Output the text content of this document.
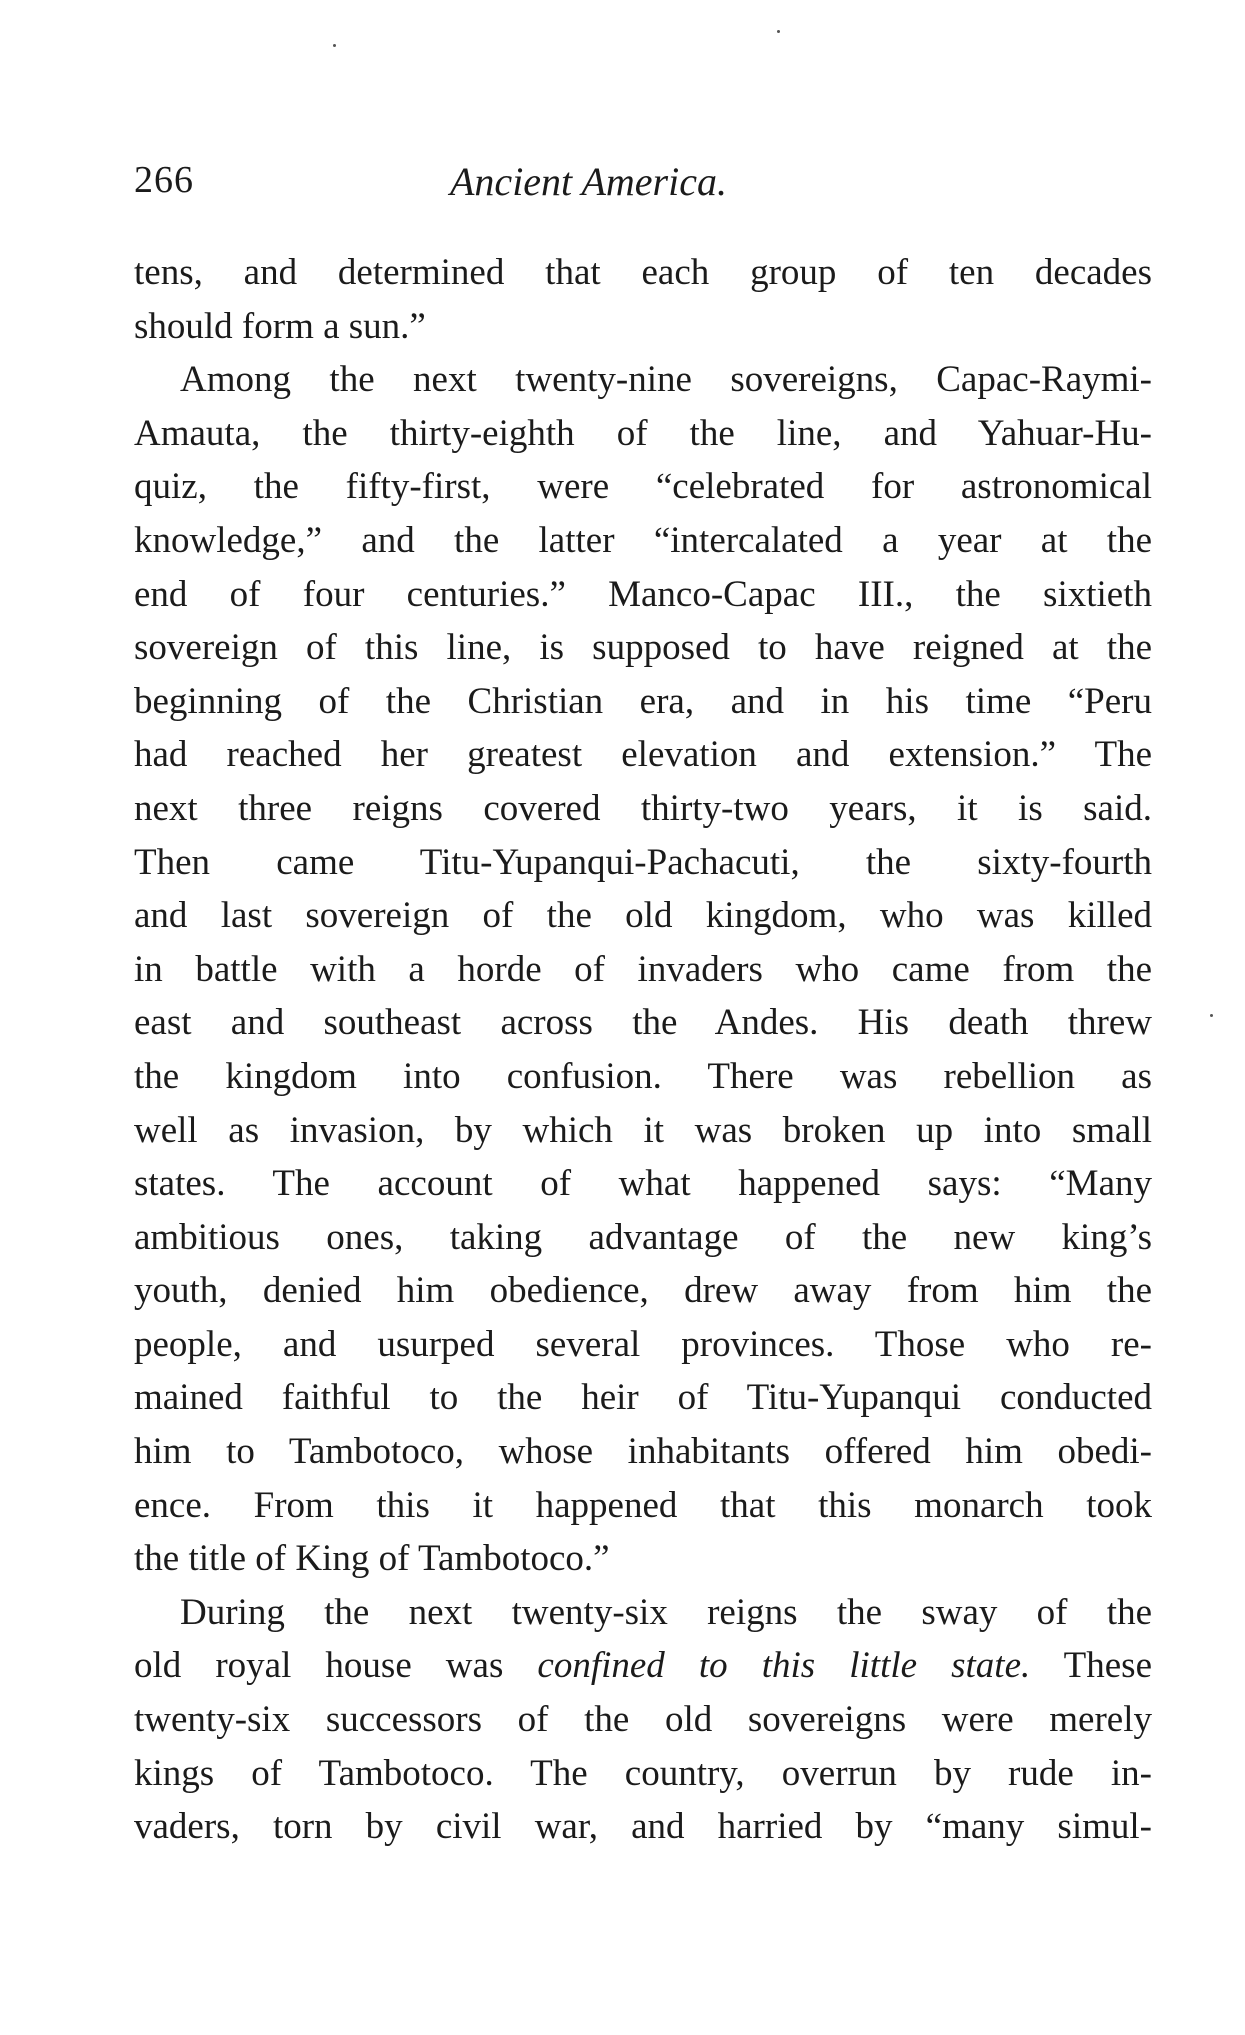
266	Ancient America.
tens, and determined that each group of ten decades
should form a sun.”
Among the next twenty-nine sovereigns, Capac-Raymi-
Amauta, the thirty-eighth of the line, and Yahuar-Hu-
quiz, the fifty-first, were “celebrated for astronomical
knowledge,” and the latter “intercalated a year at the
end of four centuries.” Manco-Capac III., the sixtieth
sovereign of this line, is supposed to have reigned at the
beginning of the Christian era, and in his time “Peru
had reached her greatest elevation and extension.” The
next three reigns covered thirty-two years, it is said.
Then came Titu-Yupanqui-Pachacuti, the sixty-fourth
and last sovereign of the old kingdom, who was killed
in battle with a horde of invaders who came from the
east and southeast across the Andes. His death threw
the kingdom into confusion. There was rebellion as
well as invasion, by which it was broken up into small
states. The account of what happened says: “Many
ambitious ones, taking advantage of the new king’s
youth, denied him obedience, drew away from him the
people, and usurped several provinces. Those who re-
mained faithful to the heir of Titu-Yupanqui conducted
him to Tambotoco, whose inhabitants offered him obedi-
ence. From this it happened that this monarch took
the title of King of Tambotoco.”
During the next twenty-six reigns the sway of the
old royal house was confined to this little state. These
twenty-six successors of the old sovereigns were merely
kings of Tambotoco. The country, overrun by rude in-
vaders, torn by civil war, and harried by “many simul-
